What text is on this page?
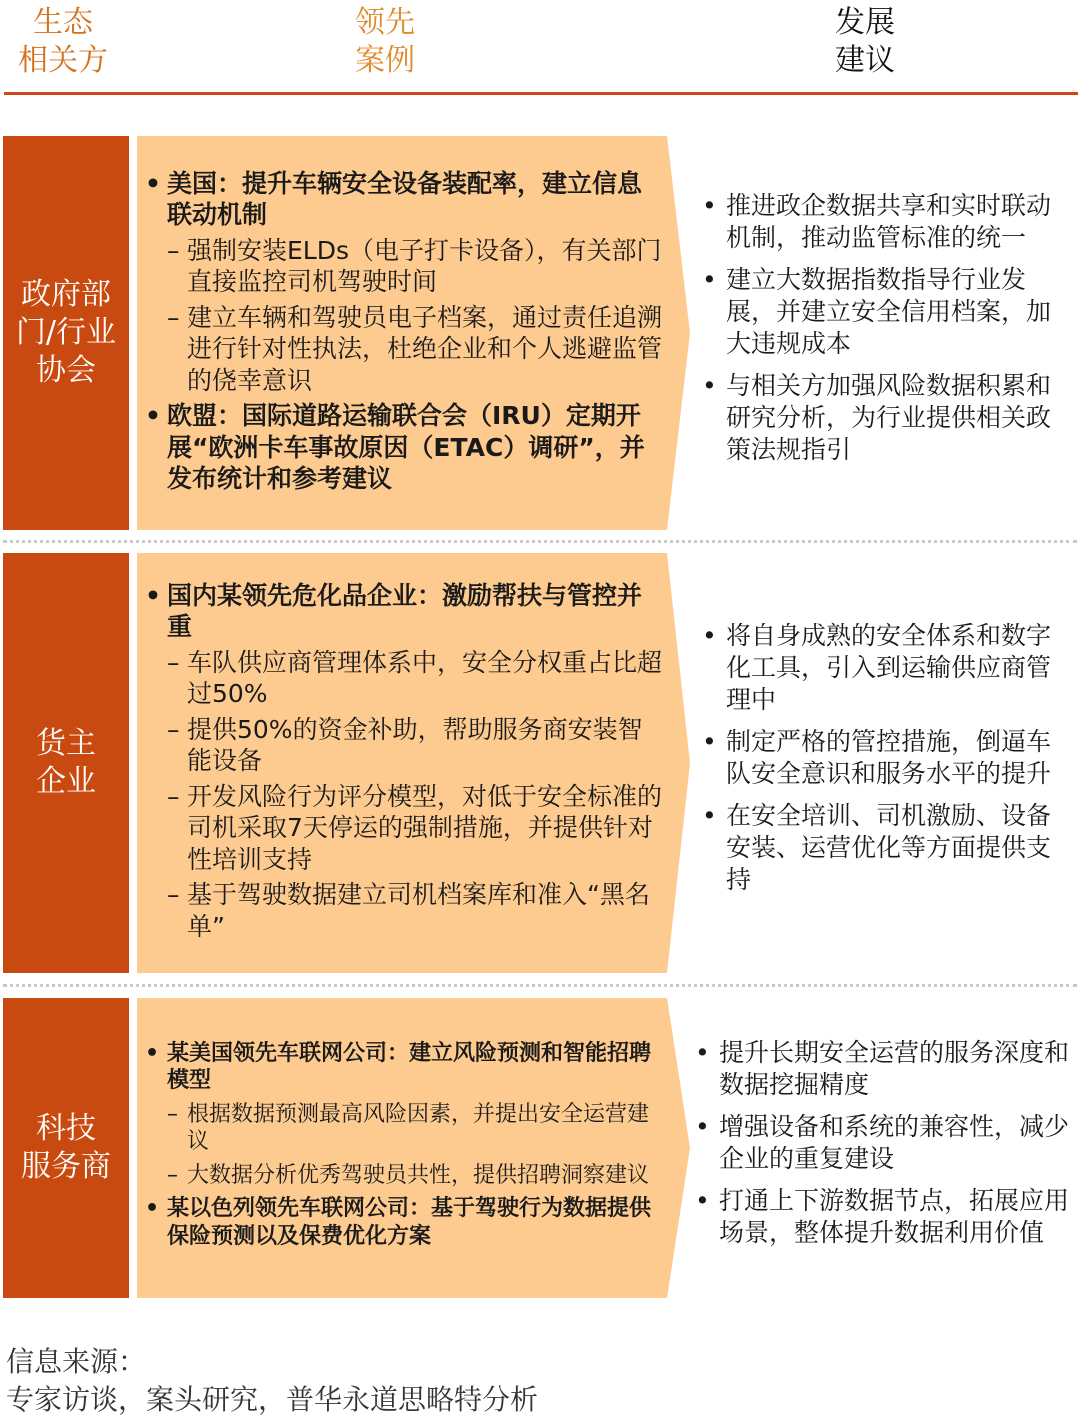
生态
相关方
领先
案例
发展
建议
政府部
门/行业
协会
• 美国：提升车辆安全设备装配率，建立信息联动机制
– 强制安装ELDs（电子打卡设备），有关部门直接监控司机驾驶时间
– 建立车辆和驾驶员电子档案，通过责任追溯进行针对性执法，杜绝企业和个人逃避监管的侥幸意识
• 欧盟：国际道路运输联合会（IRU）定期开展“欧洲卡车事故原因（ETAC）调研”，并发布统计和参考建议
• 推进政企数据共享和实时联动机制，推动监管标准的统一
• 建立大数据指数指导行业发展，并建立安全信用档案，加大违规成本
• 与相关方加强风险数据积累和研究分析，为行业提供相关政策法规指引
货主
企业
• 国内某领先危化品企业：激励帮扶与管控并重
– 车队供应商管理体系中，安全分权重占比超过50%
– 提供50%的资金补助，帮助服务商安装智能设备
– 开发风险行为评分模型，对低于安全标准的司机采取7天停运的强制措施，并提供针对性培训支持
– 基于驾驶数据建立司机档案库和准入“黑名单”
• 将自身成熟的安全体系和数字化工具，引入到运输供应商管理中
• 制定严格的管控措施，倒逼车队安全意识和服务水平的提升
• 在安全培训、司机激励、设备安装、运营优化等方面提供支持
科技
服务商
• 某美国领先车联网公司：建立风险预测和智能招聘模型
– 根据数据预测最高风险因素，并提出安全运营建议
– 大数据分析优秀驾驶员共性，提供招聘洞察建议
• 某以色列领先车联网公司：基于驾驶行为数据提供保险预测以及保费优化方案
• 提升长期安全运营的服务深度和数据挖掘精度
• 增强设备和系统的兼容性，减少企业的重复建设
• 打通上下游数据节点，拓展应用场景，整体提升数据利用价值
信息来源：
专家访谈，案头研究，普华永道思略特分析
